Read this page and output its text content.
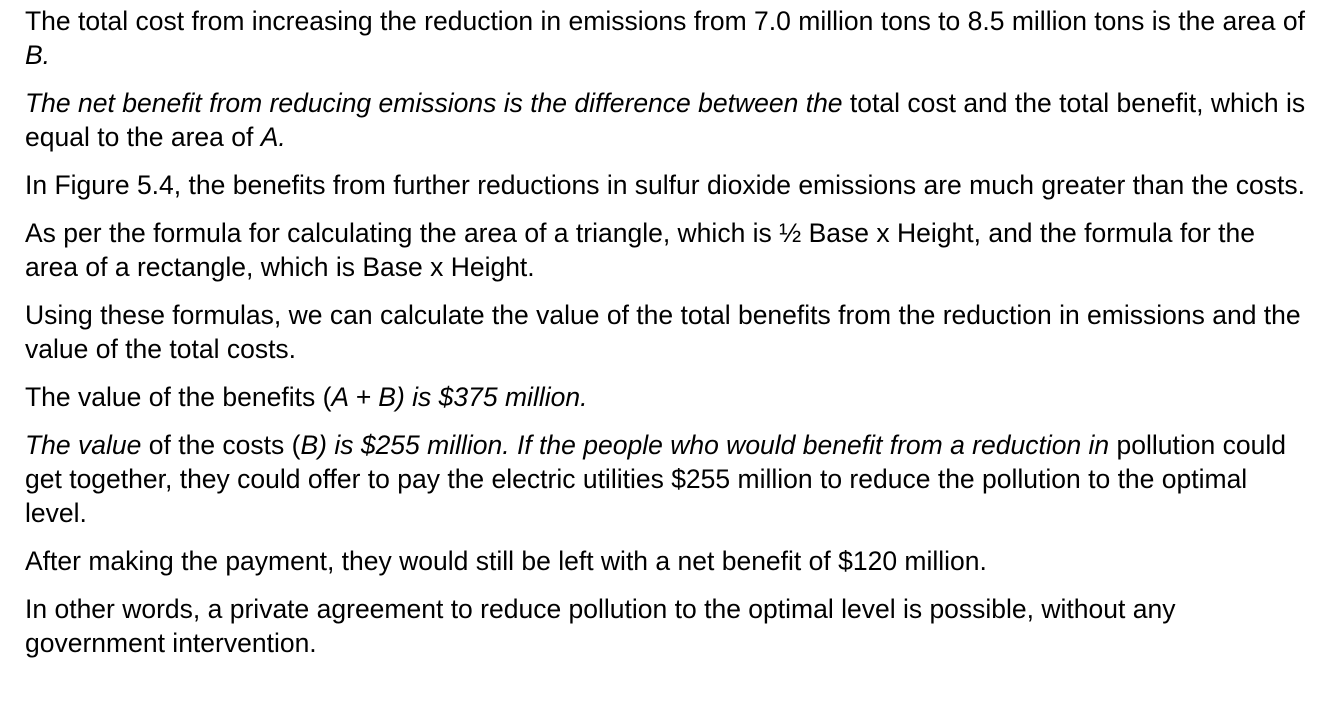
The total cost from increasing the reduction in emissions from 7.0 million tons to 8.5 million tons is the area of B.

The net benefit from reducing emissions is the difference between the total cost and the total benefit, which is equal to the area of A.

In Figure 5.4, the benefits from further reductions in sulfur dioxide emissions are much greater than the costs.

As per the formula for calculating the area of a triangle, which is ½ Base x Height, and the formula for the area of a rectangle, which is Base x Height.

Using these formulas, we can calculate the value of the total benefits from the reduction in emissions and the value of the total costs.

The value of the benefits (A + B) is $375 million.

The value of the costs (B) is $255 million. If the people who would benefit from a reduction in pollution could get together, they could offer to pay the electric utilities $255 million to reduce the pollution to the optimal level.

After making the payment, they would still be left with a net benefit of $120 million.

In other words, a private agreement to reduce pollution to the optimal level is possible, without any government intervention.
